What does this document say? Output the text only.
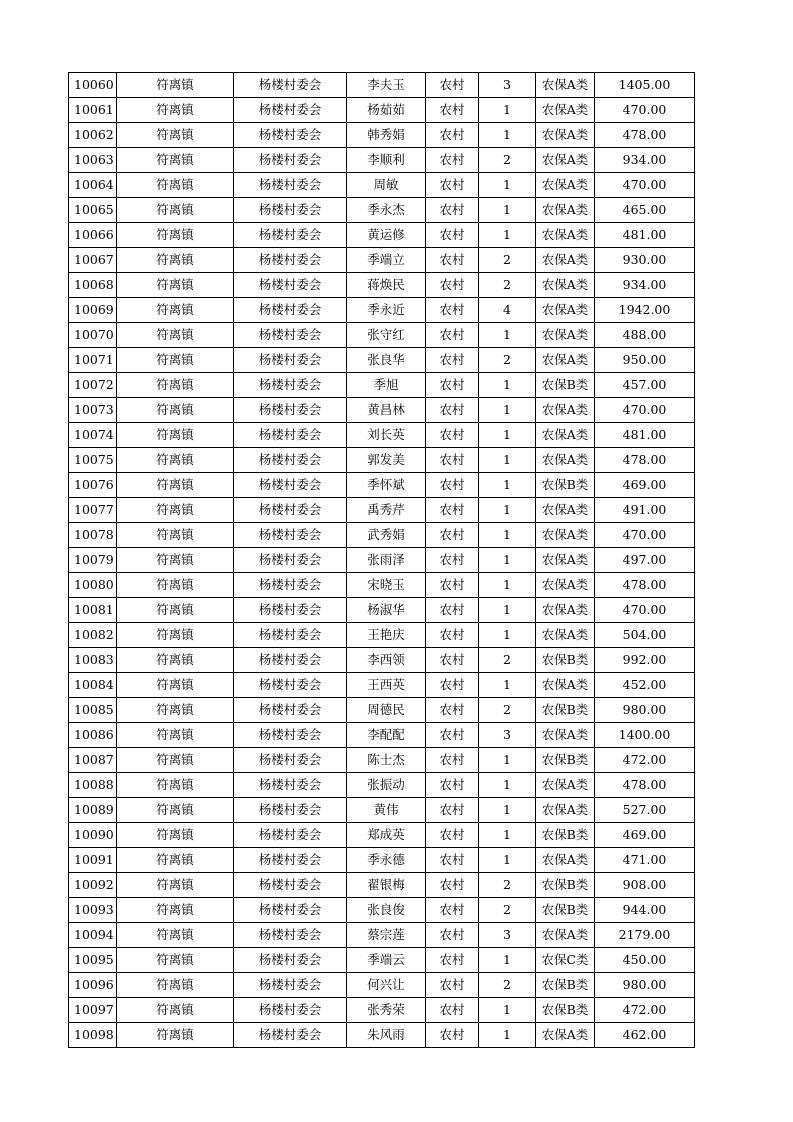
10060	符离镇	杨楼村委会	李夫玉	农村	3	农保A类	1405.00
10061	符离镇	杨楼村委会	杨茹茹	农村	1	农保A类	470.00
10062	符离镇	杨楼村委会	韩秀娟	农村	1	农保A类	478.00
10063	符离镇	杨楼村委会	李顺利	农村	2	农保A类	934.00
10064	符离镇	杨楼村委会	周敏	农村	1	农保A类	470.00
10065	符离镇	杨楼村委会	季永杰	农村	1	农保A类	465.00
10066	符离镇	杨楼村委会	黄运修	农村	1	农保A类	481.00
10067	符离镇	杨楼村委会	季端立	农村	2	农保A类	930.00
10068	符离镇	杨楼村委会	蒋焕民	农村	2	农保A类	934.00
10069	符离镇	杨楼村委会	季永近	农村	4	农保A类	1942.00
10070	符离镇	杨楼村委会	张守红	农村	1	农保A类	488.00
10071	符离镇	杨楼村委会	张良华	农村	2	农保A类	950.00
10072	符离镇	杨楼村委会	季旭	农村	1	农保B类	457.00
10073	符离镇	杨楼村委会	黄昌林	农村	1	农保A类	470.00
10074	符离镇	杨楼村委会	刘长英	农村	1	农保A类	481.00
10075	符离镇	杨楼村委会	郭发美	农村	1	农保A类	478.00
10076	符离镇	杨楼村委会	季怀斌	农村	1	农保B类	469.00
10077	符离镇	杨楼村委会	禹秀芹	农村	1	农保A类	491.00
10078	符离镇	杨楼村委会	武秀娟	农村	1	农保A类	470.00
10079	符离镇	杨楼村委会	张雨泽	农村	1	农保A类	497.00
10080	符离镇	杨楼村委会	宋晓玉	农村	1	农保A类	478.00
10081	符离镇	杨楼村委会	杨淑华	农村	1	农保A类	470.00
10082	符离镇	杨楼村委会	王艳庆	农村	1	农保A类	504.00
10083	符离镇	杨楼村委会	李西领	农村	2	农保B类	992.00
10084	符离镇	杨楼村委会	王西英	农村	1	农保A类	452.00
10085	符离镇	杨楼村委会	周德民	农村	2	农保B类	980.00
10086	符离镇	杨楼村委会	李配配	农村	3	农保A类	1400.00
10087	符离镇	杨楼村委会	陈士杰	农村	1	农保B类	472.00
10088	符离镇	杨楼村委会	张振动	农村	1	农保A类	478.00
10089	符离镇	杨楼村委会	黄伟	农村	1	农保A类	527.00
10090	符离镇	杨楼村委会	郑成英	农村	1	农保B类	469.00
10091	符离镇	杨楼村委会	季永德	农村	1	农保A类	471.00
10092	符离镇	杨楼村委会	翟银梅	农村	2	农保B类	908.00
10093	符离镇	杨楼村委会	张良俊	农村	2	农保B类	944.00
10094	符离镇	杨楼村委会	蔡宗莲	农村	3	农保A类	2179.00
10095	符离镇	杨楼村委会	季端云	农村	1	农保C类	450.00
10096	符离镇	杨楼村委会	何兴让	农村	2	农保B类	980.00
10097	符离镇	杨楼村委会	张秀荣	农村	1	农保B类	472.00
10098	符离镇	杨楼村委会	朱风雨	农村	1	农保A类	462.00
